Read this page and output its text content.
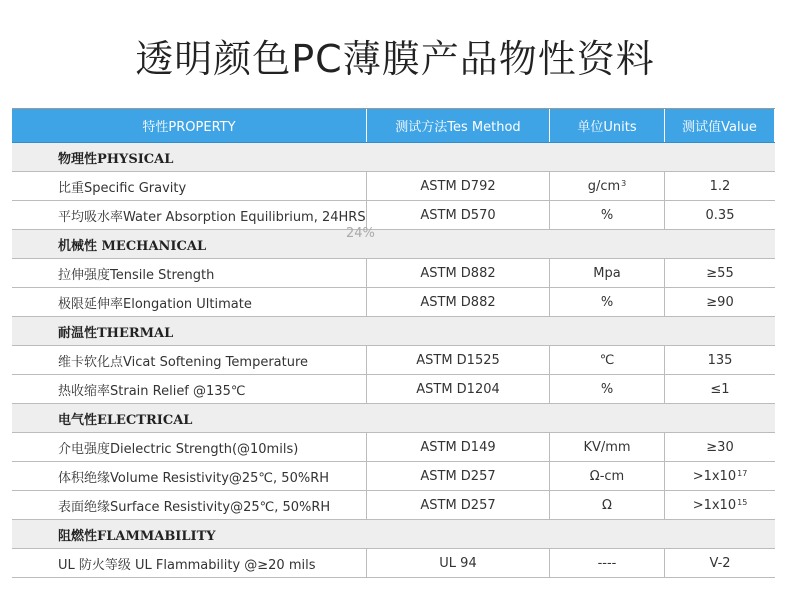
透明颜色PC薄膜产品物性资料
特性PROPERTY	测试方法Tes Method	单位Units	测试值Value
物理性PHYSICAL
比重Specific Gravity	ASTM D792	$g/cm^3$	1.2
平均吸水率Water Absorption Equilibrium, 24HRS	ASTM D570	%	0.35
机械性 MECHANICAL
拉伸强度Tensile Strength	ASTM D882	Mpa	≥55
极限延伸率Elongation Ultimate	ASTM D882	%	≥90
耐温性THERMAL
维卡软化点Vicat Softening Temperature	ASTM D1525	℃	135
热收缩率Strain Relief @135℃	ASTM D1204	%	≤1
电气性ELECTRICAL
介电强度Dielectric Strength(@10mils)	ASTM D149	KV/mm	≥30
体积绝缘Volume Resistivity@25℃, 50%RH	ASTM D257	Ω-cm	$>1x10^{17}$
表面绝缘Surface Resistivity@25℃, 50%RH	ASTM D257	Ω	$>1x10^{15}$
阻燃性FLAMMABILITY
UL 防火等级 UL Flammability @≥20 mils	UL 94	----	V-2
24%
